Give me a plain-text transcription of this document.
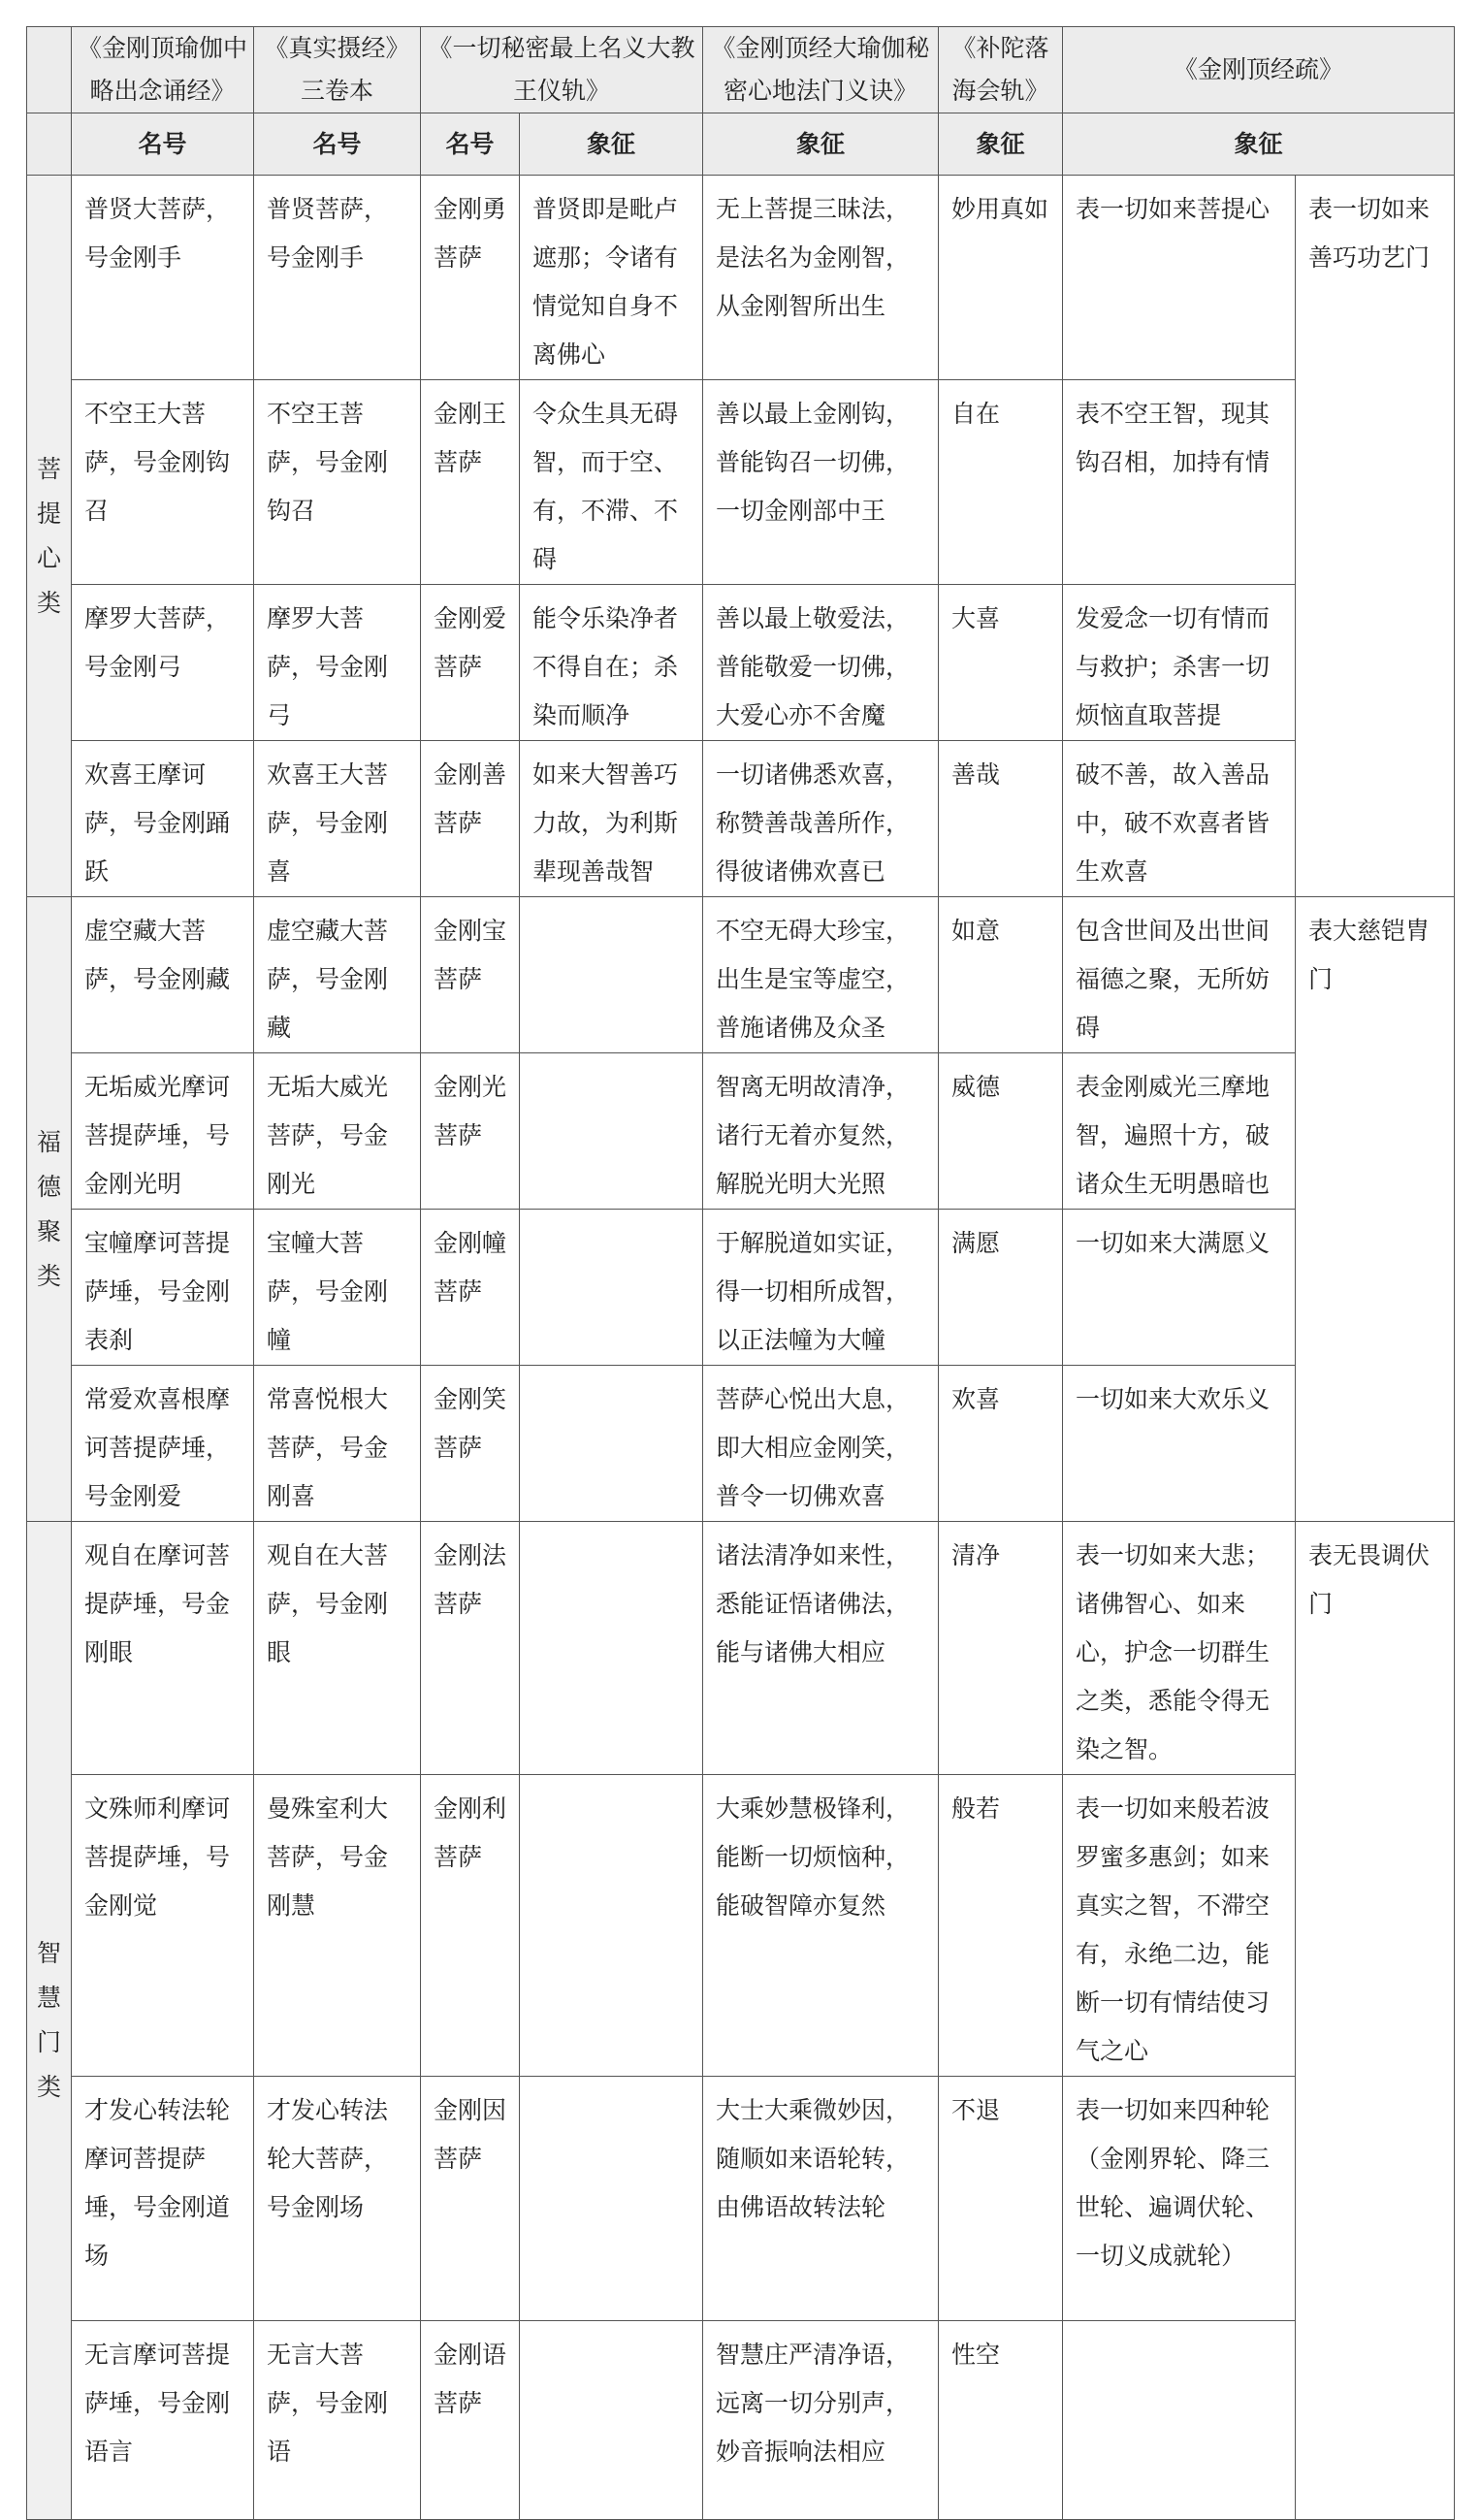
	《金刚顶瑜伽中略出念诵经》	《真实摄经》三卷本	《一切秘密最上名义大教王仪轨》		《金刚顶经大瑜伽秘密心地法门义诀》	《补陀落海会轨》	《金刚顶经疏》	
	名号	名号	名号	象征	象征	象征	象征	
菩提心类	普贤大菩萨，号金刚手	普贤菩萨，号金刚手	金刚勇菩萨	普贤即是毗卢遮那；令诸有情觉知自身不离佛心	无上菩提三昧法，是法名为金刚智，从金刚智所出生	妙用真如	表一切如来菩提心	表一切如来善巧功艺门
	不空王大菩萨，号金刚钩召	不空王菩萨，号金刚钩召	金刚王菩萨	令众生具无碍智，而于空、有，不滞、不碍	善以最上金刚钩，普能钩召一切佛，一切金刚部中王	自在	表不空王智，现其钩召相，加持有情	
	摩罗大菩萨，号金刚弓	摩罗大菩萨，号金刚弓	金刚爱菩萨	能令乐染净者不得自在；杀染而顺净	善以最上敬爱法，普能敬爱一切佛，大爱心亦不舍魔	大喜	发爱念一切有情而与救护；杀害一切烦恼直取菩提	
	欢喜王摩诃萨，号金刚踊跃	欢喜王大菩萨，号金刚喜	金刚善菩萨	如来大智善巧力故，为利斯辈现善哉智	一切诸佛悉欢喜，称赞善哉善所作，得彼诸佛欢喜已	善哉	破不善，故入善品中，破不欢喜者皆生欢喜	
福德聚类	虚空藏大菩萨，号金刚藏	虚空藏大菩萨，号金刚藏	金刚宝菩萨		不空无碍大珍宝，出生是宝等虚空，普施诸佛及众圣	如意	包含世间及出世间福德之聚，无所妨碍	表大慈铠胄门
	无垢威光摩诃菩提萨埵，号金刚光明	无垢大威光菩萨，号金刚光	金刚光菩萨		智离无明故清净，诸行无着亦复然，解脱光明大光照	威德	表金刚威光三摩地智，遍照十方，破诸众生无明愚暗也	
	宝幢摩诃菩提萨埵，号金刚表刹	宝幢大菩萨，号金刚幢	金刚幢菩萨		于解脱道如实证，得一切相所成智，以正法幢为大幢	满愿	一切如来大满愿义	
	常爱欢喜根摩诃菩提萨埵，号金刚爱	常喜悦根大菩萨，号金刚喜	金刚笑菩萨		菩萨心悦出大息，即大相应金刚笑，普令一切佛欢喜	欢喜	一切如来大欢乐义	
智慧门类	观自在摩诃菩提萨埵，号金刚眼	观自在大菩萨，号金刚眼	金刚法菩萨		诸法清净如来性，悉能证悟诸佛法，能与诸佛大相应	清净	表一切如来大悲；诸佛智心、如来心，护念一切群生之类，悉能令得无染之智。	表无畏调伏门
	文殊师利摩诃菩提萨埵，号金刚觉	曼殊室利大菩萨，号金刚慧	金刚利菩萨		大乘妙慧极锋利，能断一切烦恼种，能破智障亦复然	般若	表一切如来般若波罗蜜多惠剑；如来真实之智，不滞空有，永绝二边，能断一切有情结使习气之心	
	才发心转法轮摩诃菩提萨埵，号金刚道场	才发心转法轮大菩萨，号金刚场	金刚因菩萨		大士大乘微妙因，随顺如来语轮转，由佛语故转法轮	不退	表一切如来四种轮（金刚界轮、降三世轮、遍调伏轮、一切义成就轮）	
	无言摩诃菩提萨埵，号金刚语言	无言大菩萨，号金刚语	金刚语菩萨		智慧庄严清净语，远离一切分别声，妙音振响法相应	性空		
